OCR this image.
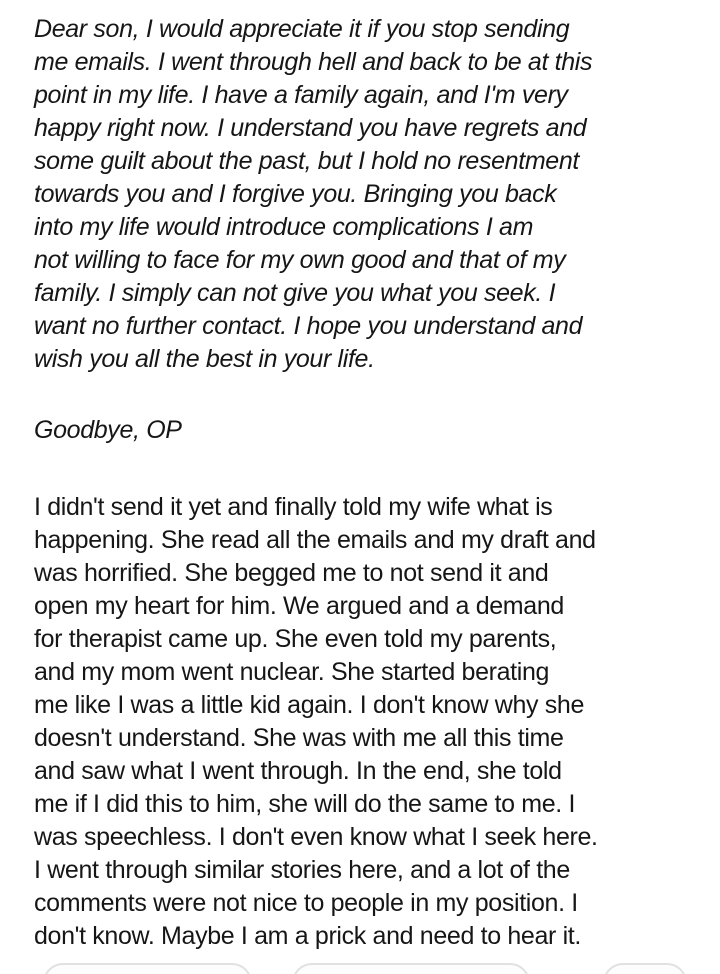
Dear son, I would appreciate it if you stop sending
me emails. I went through hell and back to be at this
point in my life. I have a family again, and I'm very
happy right now. I understand you have regrets and
some guilt about the past, but I hold no resentment
towards you and I forgive you. Bringing you back
into my life would introduce complications I am
not willing to face for my own good and that of my
family. I simply can not give you what you seek. I
want no further contact. I hope you understand and
wish you all the best in your life.
Goodbye, OP
I didn't send it yet and finally told my wife what is
happening. She read all the emails and my draft and
was horrified. She begged me to not send it and
open my heart for him. We argued and a demand
for therapist came up. She even told my parents,
and my mom went nuclear. She started berating
me like I was a little kid again. I don't know why she
doesn't understand. She was with me all this time
and saw what I went through. In the end, she told
me if I did this to him, she will do the same to me. I
was speechless. I don't even know what I seek here.
I went through similar stories here, and a lot of the
comments were not nice to people in my position. I
don't know. Maybe I am a prick and need to hear it.
